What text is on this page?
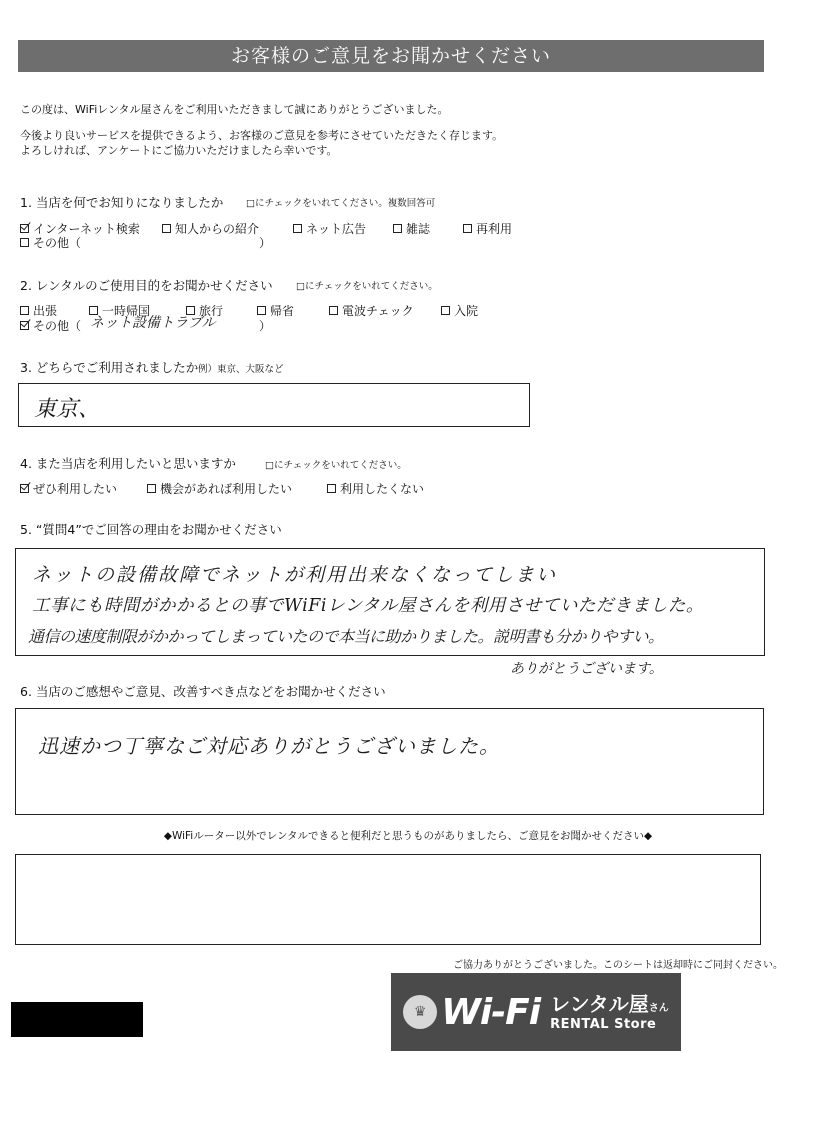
お客様のご意見をお聞かせください
この度は、WiFiレンタル屋さんをご利用いただきまして誠にありがとうございました。
今後より良いサービスを提供できるよう、お客様のご意見を参考にさせていただきたく存じます。
よろしければ、アンケートにご協力いただけましたら幸いです。
1. 当店を何でお知りになりましたか □にチェックをいれてください。複数回答可
インターネット検索	知人からの紹介	ネット広告	雑誌	再利用
その他（	）
2. レンタルのご使用目的をお聞かせください □にチェックをいれてください。
出張	一時帰国	旅行	帰省	電波チェック	入院
その他（ ネット設備トラブル	）
3. どちらでご利用されましたか 例）東京、大阪など
東京、
4. また当店を利用したいと思いますか	□にチェックをいれてください。
ぜひ利用したい	機会があれば利用したい	利用したくない
5. “質問4”でご回答の理由をお聞かせください
ネットの設備故障でネットが利用出来なくなってしまい
工事にも時間がかかるとの事でWiFiレンタル屋さんを利用させていただきました。
通信の速度制限がかかってしまっていたので本当に助かりました。説明書も分かりやすい。
ありがとうございます。
6. 当店のご感想やご意見、改善すべき点などをお聞かせください
迅速かつ丁寧なご対応ありがとうございました。
◆WiFiルーター以外でレンタルできると便利だと思うものがありましたら、ご意見をお聞かせください◆
ご協力ありがとうございました。このシートは返却時にご同封ください。
♛ Wi-Fi レンタル屋さん
RENTAL Store
